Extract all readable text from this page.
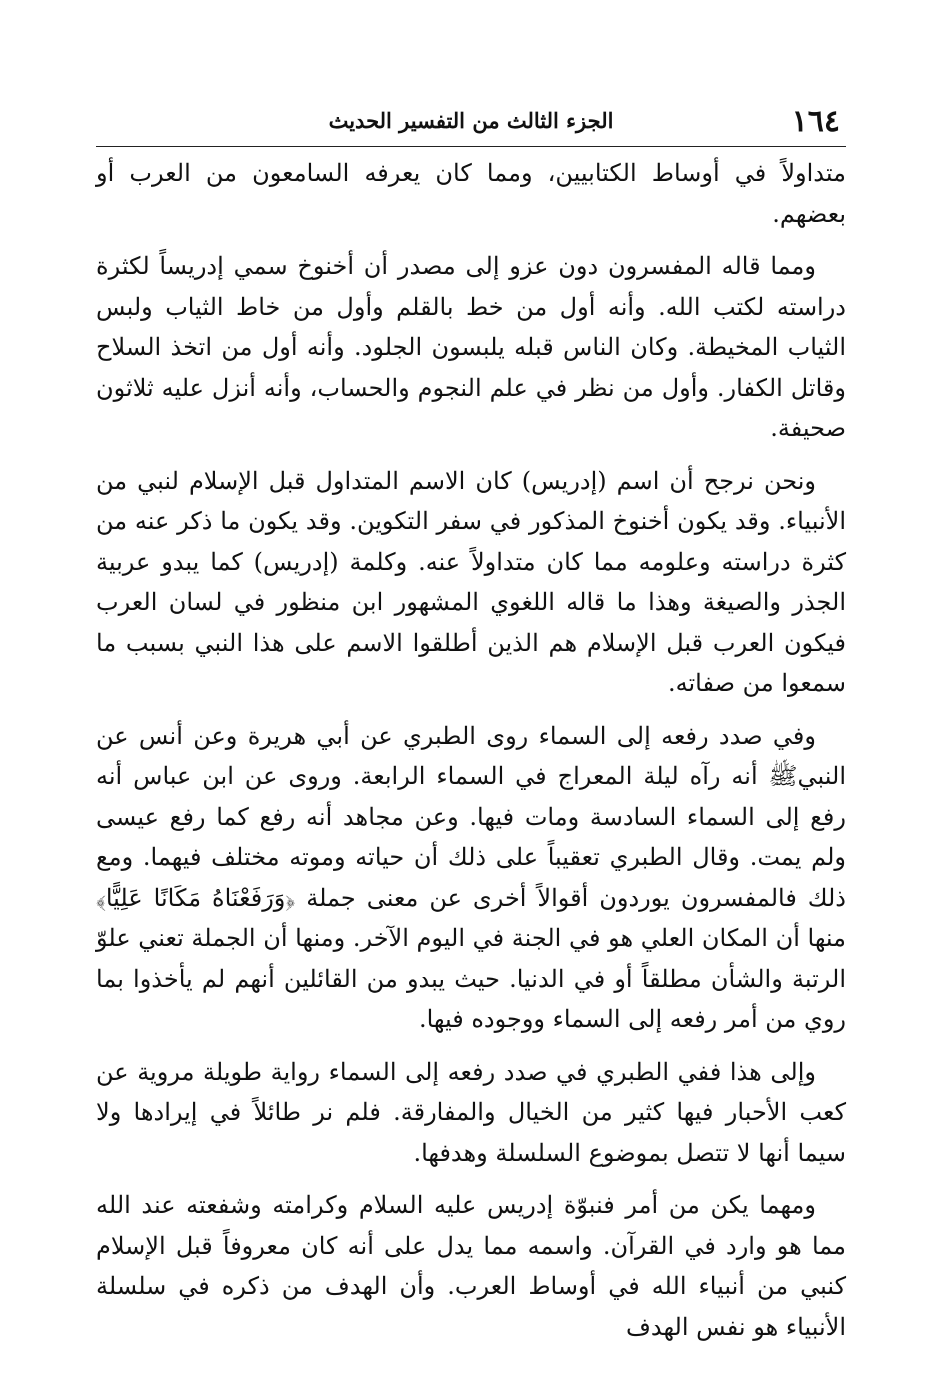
١٦٤
الجزء الثالث من التفسير الحديث

متداولاً في أوساط الكتابيين، ومما كان يعرفه السامعون من العرب أو بعضهم.

ومما قاله المفسرون دون عزو إلى مصدر أن أخنوخ سمي إدريساً لكثرة دراسته لكتب الله. وأنه أول من خط بالقلم وأول من خاط الثياب ولبس الثياب المخيطة. وكان الناس قبله يلبسون الجلود. وأنه أول من اتخذ السلاح وقاتل الكفار. وأول من نظر في علم النجوم والحساب، وأنه أنزل عليه ثلاثون صحيفة.

ونحن نرجح أن اسم (إدريس) كان الاسم المتداول قبل الإسلام لنبي من الأنبياء. وقد يكون أخنوخ المذكور في سفر التكوين. وقد يكون ما ذكر عنه من كثرة دراسته وعلومه مما كان متداولاً عنه. وكلمة (إدريس) كما يبدو عربية الجذر والصيغة وهذا ما قاله اللغوي المشهور ابن منظور في لسان العرب فيكون العرب قبل الإسلام هم الذين أطلقوا الاسم على هذا النبي بسبب ما سمعوا من صفاته.

وفي صدد رفعه إلى السماء روى الطبري عن أبي هريرة وعن أنس عن النبيﷺ أنه رآه ليلة المعراج في السماء الرابعة. وروى عن ابن عباس أنه رفع إلى السماء السادسة ومات فيها. وعن مجاهد أنه رفع كما رفع عيسى ولم يمت. وقال الطبري تعقيباً على ذلك أن حياته وموته مختلف فيهما. ومع ذلك فالمفسرون يوردون أقوالاً أخرى عن معنى جملة ﴿وَرَفَعْنَاهُ مَكَانًا عَلِيًّا﴾ منها أن المكان العلي هو في الجنة في اليوم الآخر. ومنها أن الجملة تعني علوّ الرتبة والشأن مطلقاً أو في الدنيا. حيث يبدو من القائلين أنهم لم يأخذوا بما روي من أمر رفعه إلى السماء ووجوده فيها.

وإلى هذا ففي الطبري في صدد رفعه إلى السماء رواية طويلة مروية عن كعب الأحبار فيها كثير من الخيال والمفارقة. فلم نر طائلاً في إيرادها ولا سيما أنها لا تتصل بموضوع السلسلة وهدفها.

ومهما يكن من أمر فنبوّة إدريس عليه السلام وكرامته وشفعته عند الله مما هو وارد في القرآن. واسمه مما يدل على أنه كان معروفاً قبل الإسلام كنبي من أنبياء الله في أوساط العرب. وأن الهدف من ذكره في سلسلة الأنبياء هو نفس الهدف
